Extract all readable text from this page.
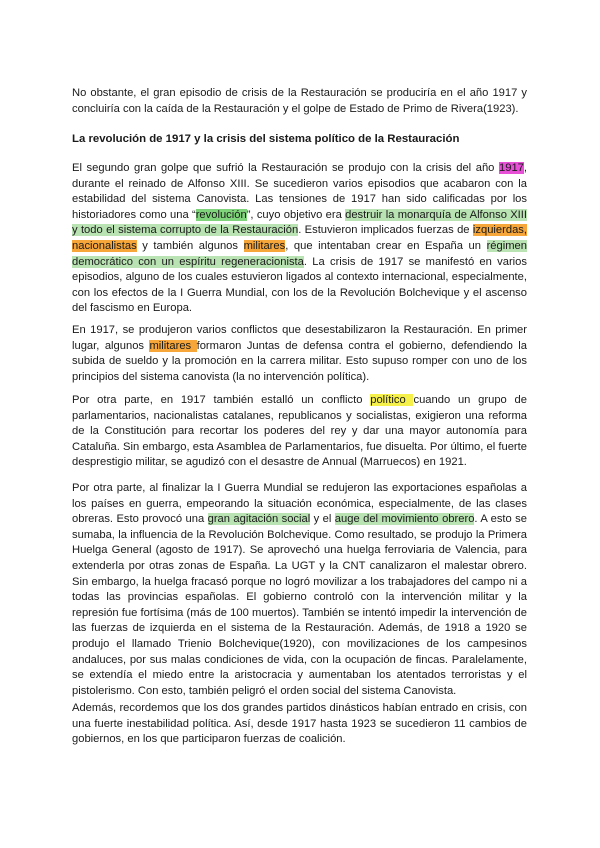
No obstante, el gran episodio de crisis de la Restauración se produciría en el año 1917 y concluiría con la caída de la Restauración y el golpe de Estado de Primo de Rivera(1923).

La revolución de 1917 y la crisis del sistema político de la Restauración

El segundo gran golpe que sufrió la Restauración se produjo con la crisis del año 1917, durante el reinado de Alfonso XIII. Se sucedieron varios episodios que acabaron con la estabilidad del sistema Canovista. Las tensiones de 1917 han sido calificadas por los historiadores como una “revolución”, cuyo objetivo era destruir la monarquía de Alfonso XIII y todo el sistema corrupto de la Restauración. Estuvieron implicados fuerzas de izquierdas, nacionalistas y también algunos militares, que intentaban crear en España un régimen democrático con un espíritu regeneracionista. La crisis de 1917 se manifestó en varios episodios, alguno de los cuales estuvieron ligados al contexto internacional, especialmente, con los efectos de la I Guerra Mundial, con los de la Revolución Bolchevique y el ascenso del fascismo en Europa.

En 1917, se produjeron varios conflictos que desestabilizaron la Restauración. En primer lugar, algunos militares formaron Juntas de defensa contra el gobierno, defendiendo la subida de sueldo y la promoción en la carrera militar. Esto supuso romper con uno de los principios del sistema canovista (la no intervención política).

Por otra parte, en 1917 también estalló un conflicto político cuando un grupo de parlamentarios, nacionalistas catalanes, republicanos y socialistas, exigieron una reforma de la Constitución para recortar los poderes del rey y dar una mayor autonomía para Cataluña. Sin embargo, esta Asamblea de Parlamentarios, fue disuelta. Por último, el fuerte desprestigio militar, se agudizó con el desastre de Annual (Marruecos) en 1921.

Por otra parte, al finalizar la I Guerra Mundial se redujeron las exportaciones españolas a los países en guerra, empeorando la situación económica, especialmente, de las clases obreras. Esto provocó una gran agitación social y el auge del movimiento obrero. A esto se sumaba, la influencia de la Revolución Bolchevique. Como resultado, se produjo la Primera Huelga General (agosto de 1917). Se aprovechó una huelga ferroviaria de Valencia, para extenderla por otras zonas de España. La UGT y la CNT canalizaron el malestar obrero. Sin embargo, la huelga fracasó porque no logró movilizar a los trabajadores del campo ni a todas las provincias españolas. El gobierno controló con la intervención militar y la represión fue fortísima (más de 100 muertos). También se intentó impedir la intervención de las fuerzas de izquierda en el sistema de la Restauración. Además, de 1918 a 1920 se produjo el llamado Trienio Bolchevique(1920), con movilizaciones de los campesinos andaluces, por sus malas condiciones de vida, con la ocupación de fincas. Paralelamente, se extendía el miedo entre la aristocracia y aumentaban los atentados terroristas y el pistolerismo. Con esto, también peligró el orden social del sistema Canovista.

Además, recordemos que los dos grandes partidos dinásticos habían entrado en crisis, con una fuerte inestabilidad política. Así, desde 1917 hasta 1923 se sucedieron 11 cambios de gobiernos, en los que participaron fuerzas de coalición.
